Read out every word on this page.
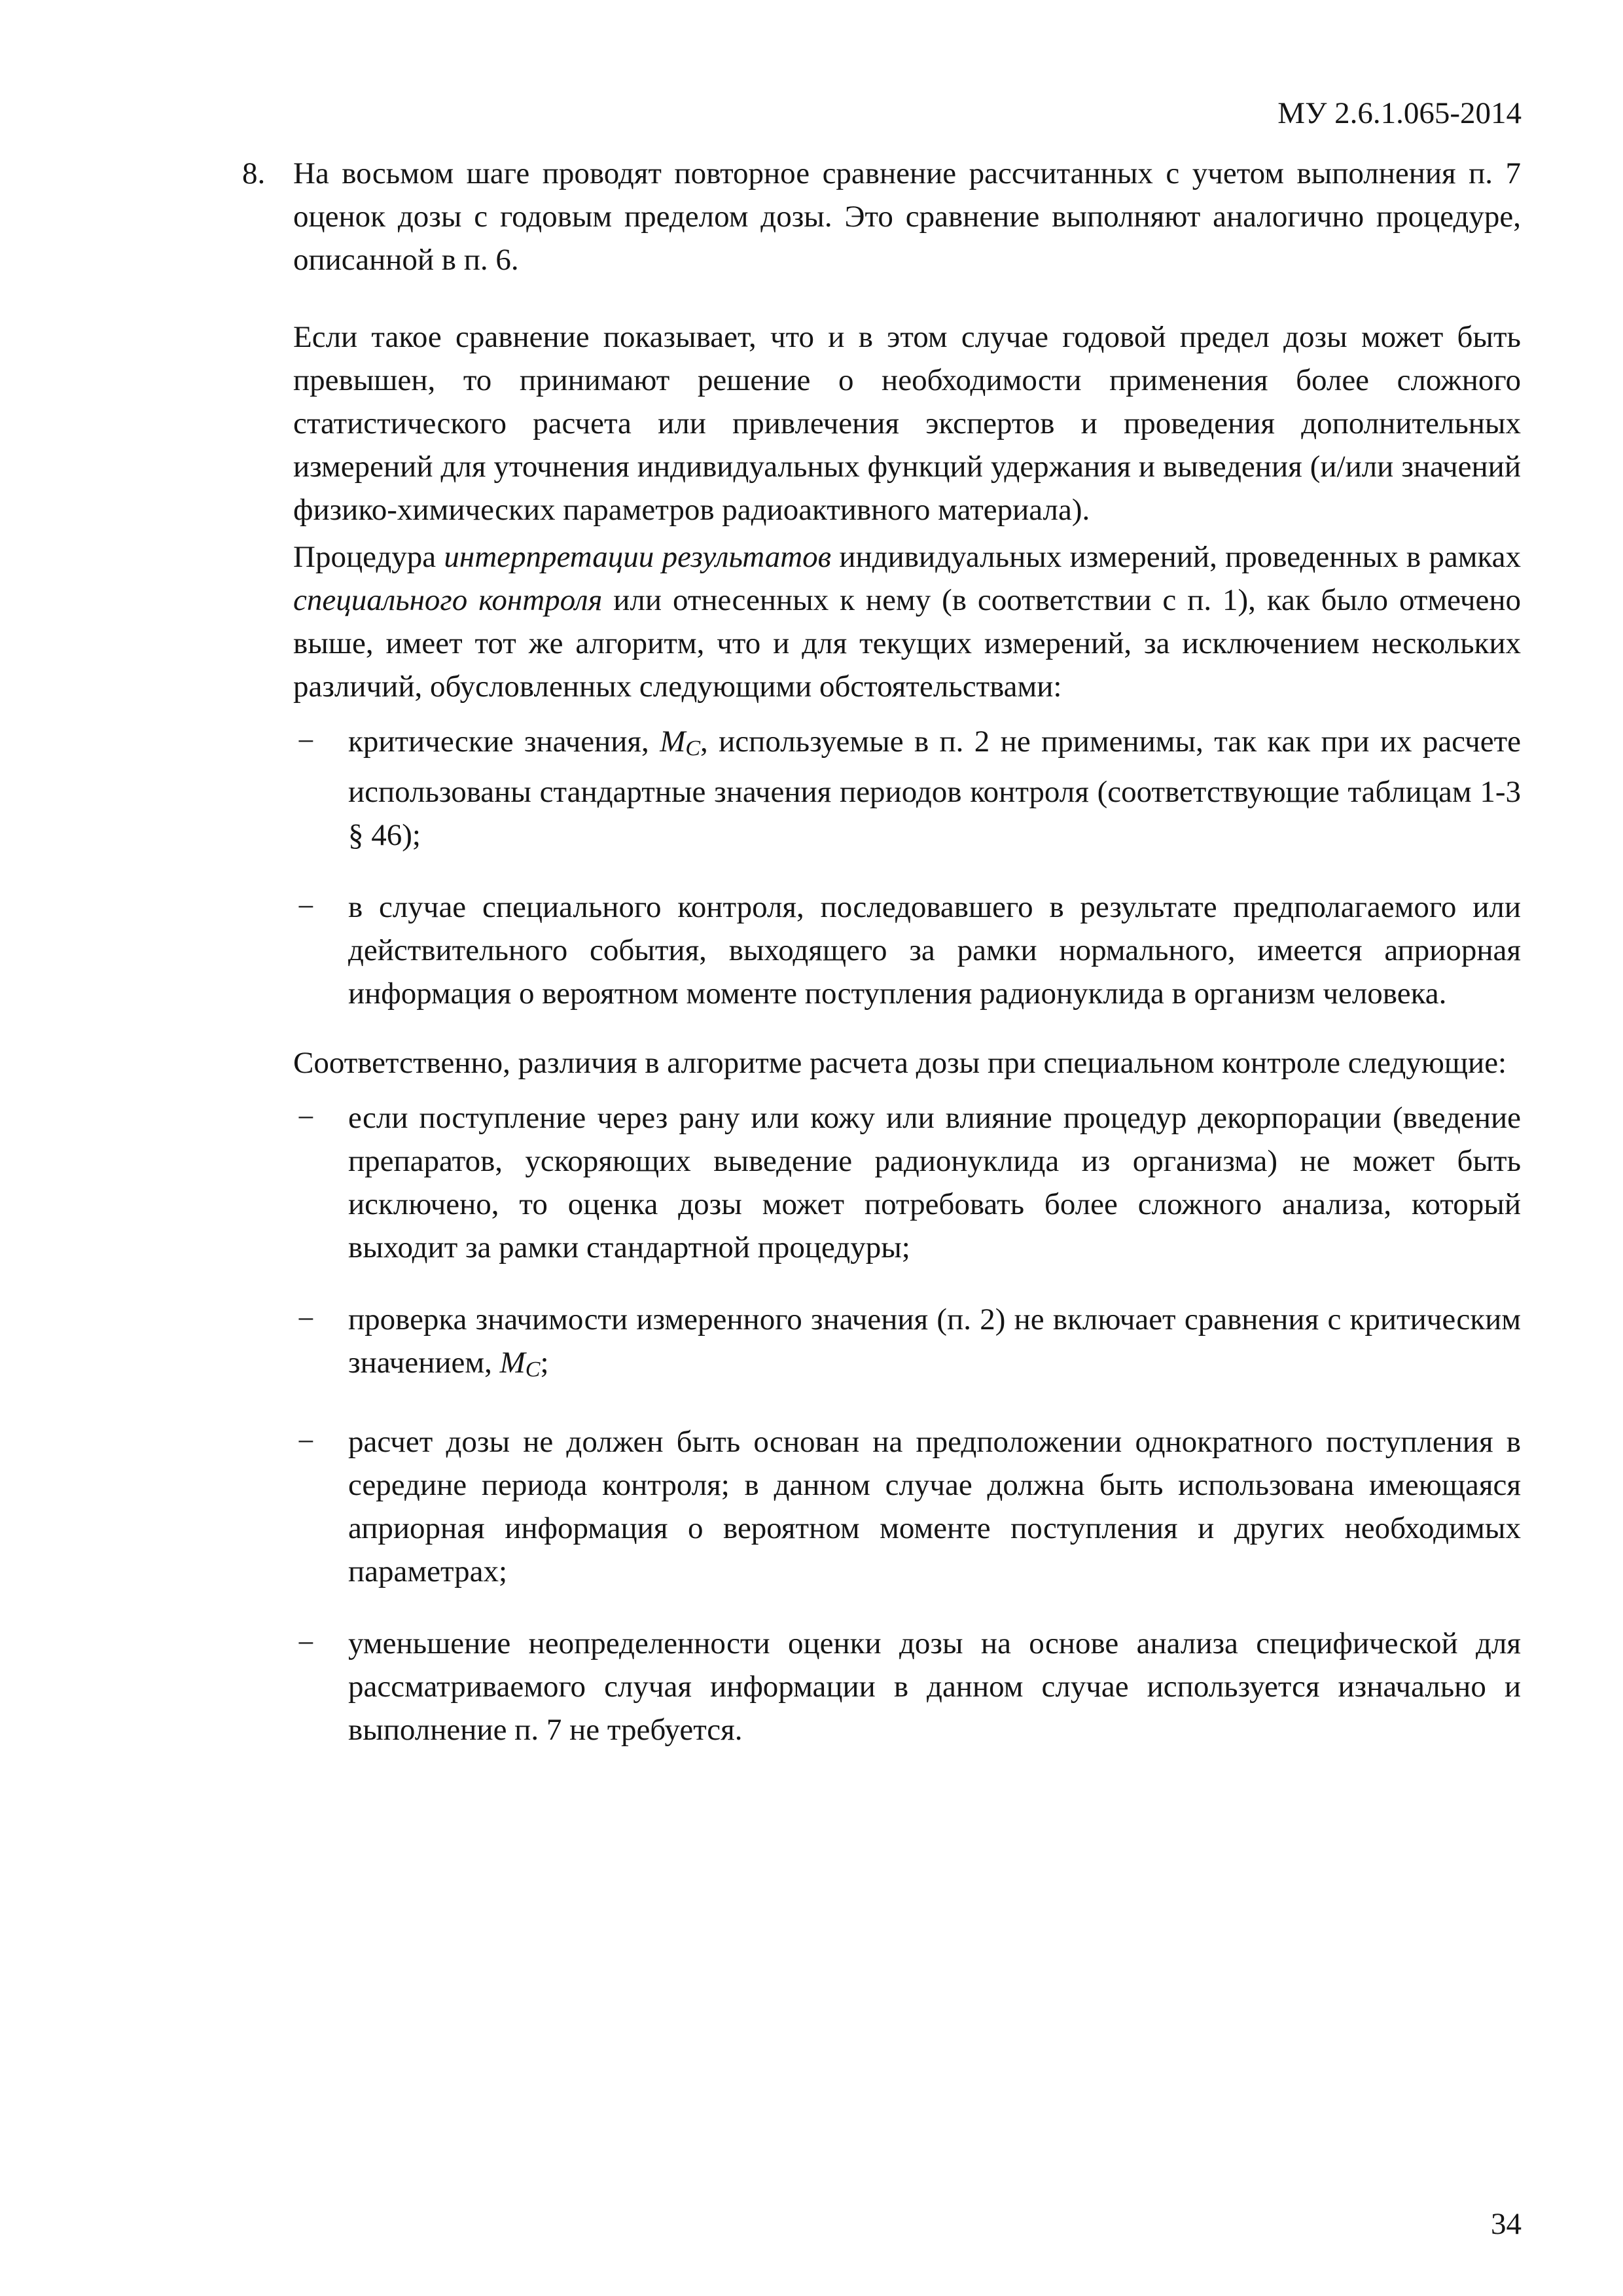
МУ 2.6.1.065-2014
8. На восьмом шаге проводят повторное сравнение рассчитанных с учетом выполнения п. 7 оценок дозы с годовым пределом дозы. Это сравнение выполняют аналогично процедуре, описанной в п. 6.

Если такое сравнение показывает, что и в этом случае годовой предел дозы может быть превышен, то принимают решение о необходимости применения более сложного статистического расчета или привлечения экспертов и проведения дополнительных измерений для уточнения индивидуальных функций удержания и выведения (и/или значений физико-химических параметров радиоактивного материала).

Процедура интерпретации результатов индивидуальных измерений, проведенных в рамках специального контроля или отнесенных к нему (в соответствии с п. 1), как было отмечено выше, имеет тот же алгоритм, что и для текущих измерений, за исключением нескольких различий, обусловленных следующими обстоятельствами:

− критические значения, MC, используемые в п. 2 не применимы, так как при их расчете использованы стандартные значения периодов контроля (соответствующие таблицам 1-3 § 46);

− в случае специального контроля, последовавшего в результате предполагаемого или действительного события, выходящего за рамки нормального, имеется априорная информация о вероятном моменте поступления радионуклида в организм человека.

Соответственно, различия в алгоритме расчета дозы при специальном контроле следующие:

− если поступление через рану или кожу или влияние процедур декорпорации (введение препаратов, ускоряющих выведение радионуклида из организма) не может быть исключено, то оценка дозы может потребовать более сложного анализа, который выходит за рамки стандартной процедуры;

− проверка значимости измеренного значения (п. 2) не включает сравнения с критическим значением, MC;

− расчет дозы не должен быть основан на предположении однократного поступления в середине периода контроля; в данном случае должна быть использована имеющаяся априорная информация о вероятном моменте поступления и других необходимых параметрах;

− уменьшение неопределенности оценки дозы на основе анализа специфической для рассматриваемого случая информации в данном случае используется изначально и выполнение п. 7 не требуется.

34
